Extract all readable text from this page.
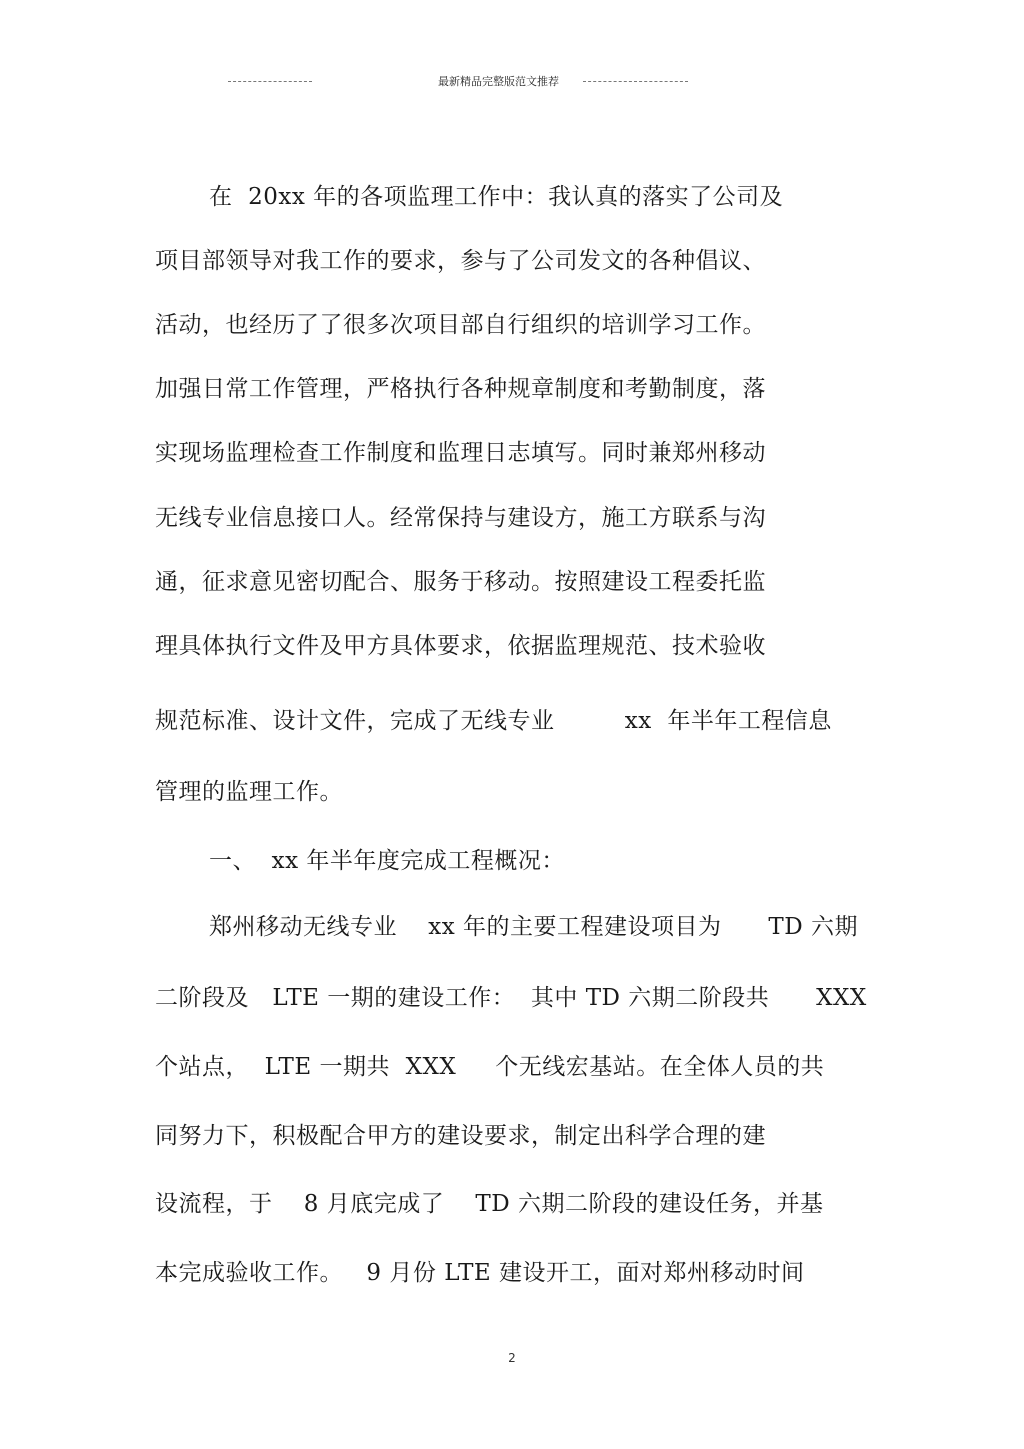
最新精品完整版范文推荐
在  20xx 年的各项监理工作中：我认真的落实了公司及
项目部领导对我工作的要求，参与了公司发文的各种倡议、
活动，也经历了了很多次项目部自行组织的培训学习工作。
加强日常工作管理，严格执行各种规章制度和考勤制度，落
实现场监理检查工作制度和监理日志填写。同时兼郑州移动
无线专业信息接口人。经常保持与建设方，施工方联系与沟
通，征求意见密切配合、服务于移动。按照建设工程委托监
理具体执行文件及甲方具体要求，依据监理规范、技术验收
规范标准、设计文件，完成了无线专业         xx  年半年工程信息
管理的监理工作。
一、  xx 年半年度完成工程概况：
郑州移动无线专业    xx 年的主要工程建设项目为      TD 六期
二阶段及   LTE 一期的建设工作：  其中 TD 六期二阶段共      XXX
个站点，  LTE 一期共  XXX     个无线宏基站。在全体人员的共
同努力下，积极配合甲方的建设要求，制定出科学合理的建
设流程，于    8 月底完成了    TD 六期二阶段的建设任务，并基
本完成验收工作。   9 月份 LTE 建设开工，面对郑州移动时间
2
